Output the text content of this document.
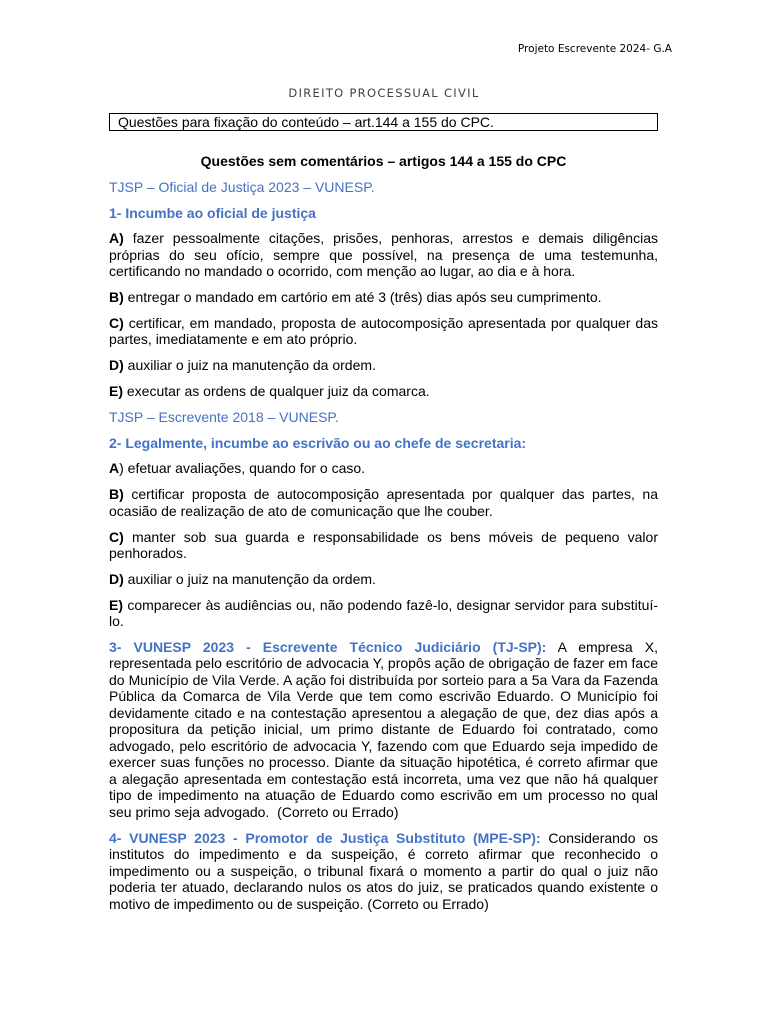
Projeto Escrevente 2024- G.A
DIREITO PROCESSUAL CIVIL
Questões para fixação do conteúdo – art.144 a 155 do CPC.

Questões sem comentários – artigos 144 a 155 do CPC

TJSP – Oficial de Justiça 2023 – VUNESP.

1- Incumbe ao oficial de justiça

A) fazer pessoalmente citações, prisões, penhoras, arrestos e demais diligências próprias do seu ofício, sempre que possível, na presença de uma testemunha, certificando no mandado o ocorrido, com menção ao lugar, ao dia e à hora.

B) entregar o mandado em cartório em até 3 (três) dias após seu cumprimento.

C) certificar, em mandado, proposta de autocomposição apresentada por qualquer das partes, imediatamente e em ato próprio.

D) auxiliar o juiz na manutenção da ordem.

E) executar as ordens de qualquer juiz da comarca.

TJSP – Escrevente 2018 – VUNESP.

2- Legalmente, incumbe ao escrivão ou ao chefe de secretaria:

A) efetuar avaliações, quando for o caso.

B) certificar proposta de autocomposição apresentada por qualquer das partes, na ocasião de realização de ato de comunicação que lhe couber.

C) manter sob sua guarda e responsabilidade os bens móveis de pequeno valor penhorados.

D) auxiliar o juiz na manutenção da ordem.

E) comparecer às audiências ou, não podendo fazê-lo, designar servidor para substituí-lo.

3- VUNESP 2023 - Escrevente Técnico Judiciário (TJ-SP): A empresa X, representada pelo escritório de advocacia Y, propôs ação de obrigação de fazer em face do Município de Vila Verde. A ação foi distribuída por sorteio para a 5a Vara da Fazenda Pública da Comarca de Vila Verde que tem como escrivão Eduardo. O Município foi devidamente citado e na contestação apresentou a alegação de que, dez dias após a propositura da petição inicial, um primo distante de Eduardo foi contratado, como advogado, pelo escritório de advocacia Y, fazendo com que Eduardo seja impedido de exercer suas funções no processo. Diante da situação hipotética, é correto afirmar que a alegação apresentada em contestação está incorreta, uma vez que não há qualquer tipo de impedimento na atuação de Eduardo como escrivão em um processo no qual seu primo seja advogado.  (Correto ou Errado)

4- VUNESP 2023 - Promotor de Justiça Substituto (MPE-SP): Considerando os institutos do impedimento e da suspeição, é correto afirmar que reconhecido o impedimento ou a suspeição, o tribunal fixará o momento a partir do qual o juiz não poderia ter atuado, declarando nulos os atos do juiz, se praticados quando existente o motivo de impedimento ou de suspeição. (Correto ou Errado)
